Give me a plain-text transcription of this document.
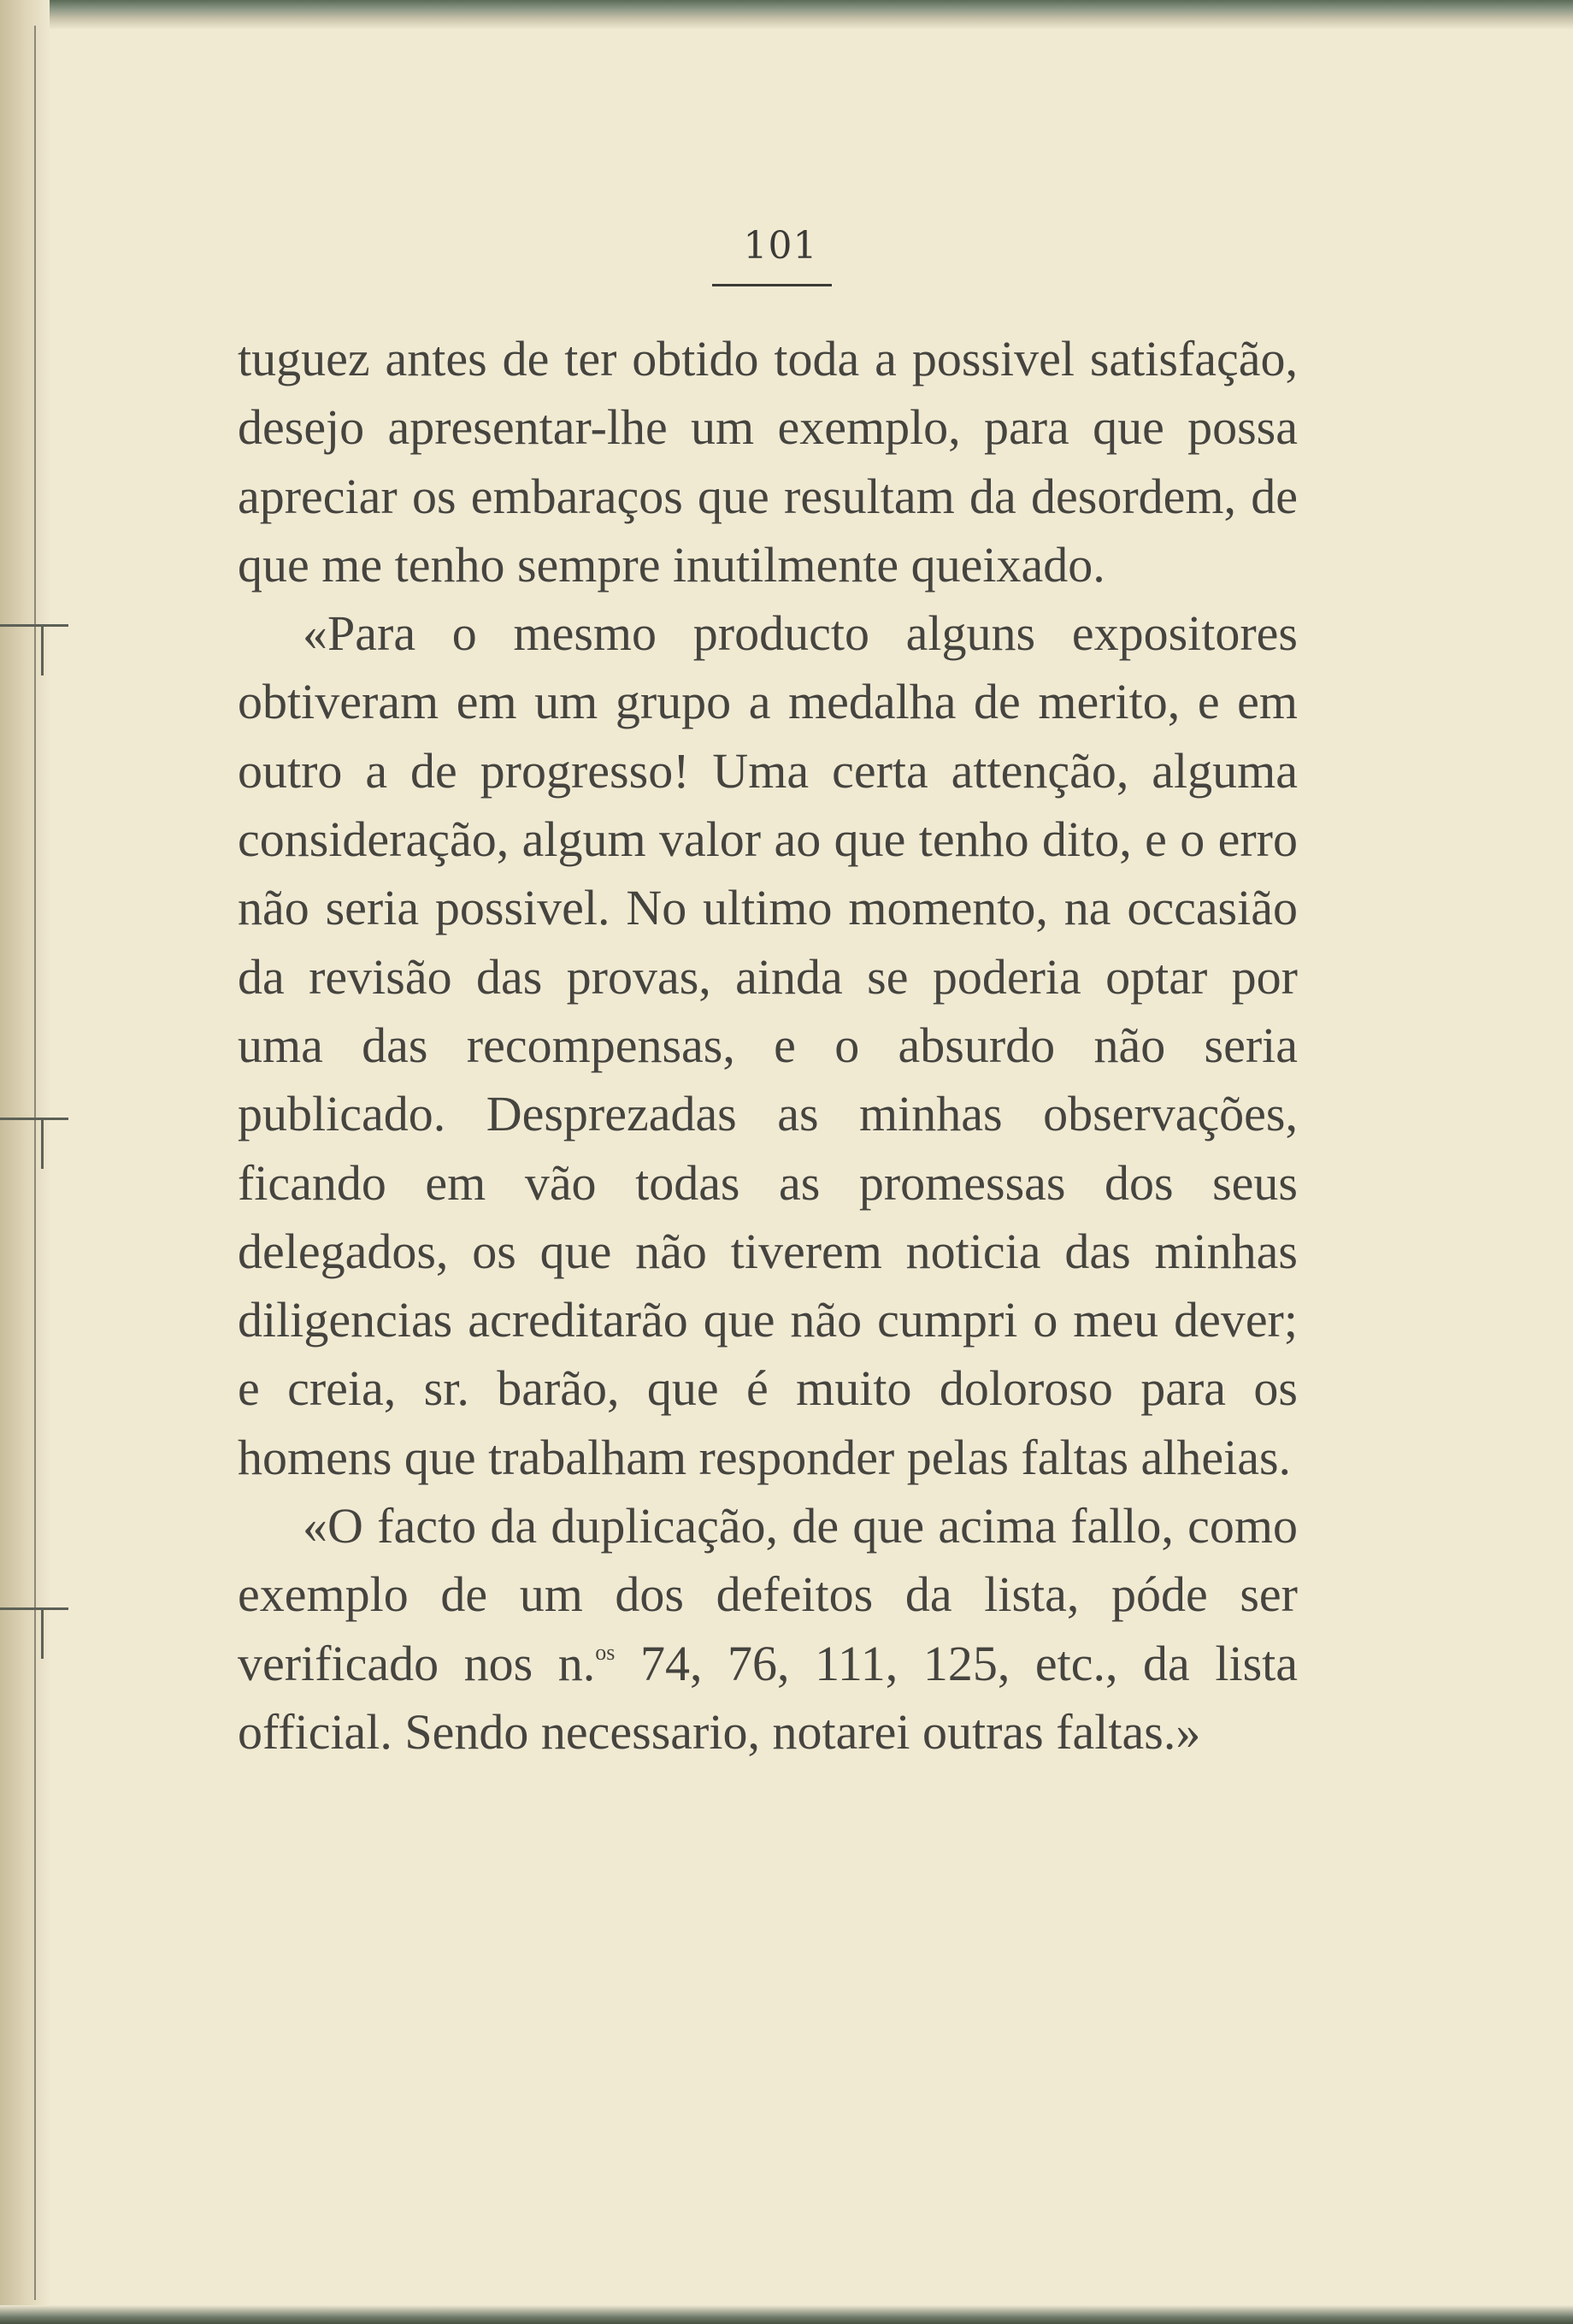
101

tuguez antes de ter obtido toda a possivel satisfação, desejo apresentar-lhe um exemplo, para que possa apreciar os embaraços que resultam da desordem, de que me tenho sempre inutilmente queixado.

«Para o mesmo producto alguns expositores obtiveram em um grupo a medalha de merito, e em outro a de progresso! Uma certa attenção, alguma consideração, algum valor ao que tenho dito, e o erro não seria possivel. No ultimo momento, na occasião da revisão das provas, ainda se poderia optar por uma das recompensas, e o absurdo não seria publicado. Desprezadas as minhas observações, ficando em vão todas as promessas dos seus delegados, os que não tiverem noticia das minhas diligencias acreditarão que não cumpri o meu dever; e creia, sr. barão, que é muito doloroso para os homens que trabalham responder pelas faltas alheias.

«O facto da duplicação, de que acima fallo, como exemplo de um dos defeitos da lista, póde ser verificado nos n.$^{os}$ 74, 76, 111, 125, etc., da lista official. Sendo necessario, notarei outras faltas.»
